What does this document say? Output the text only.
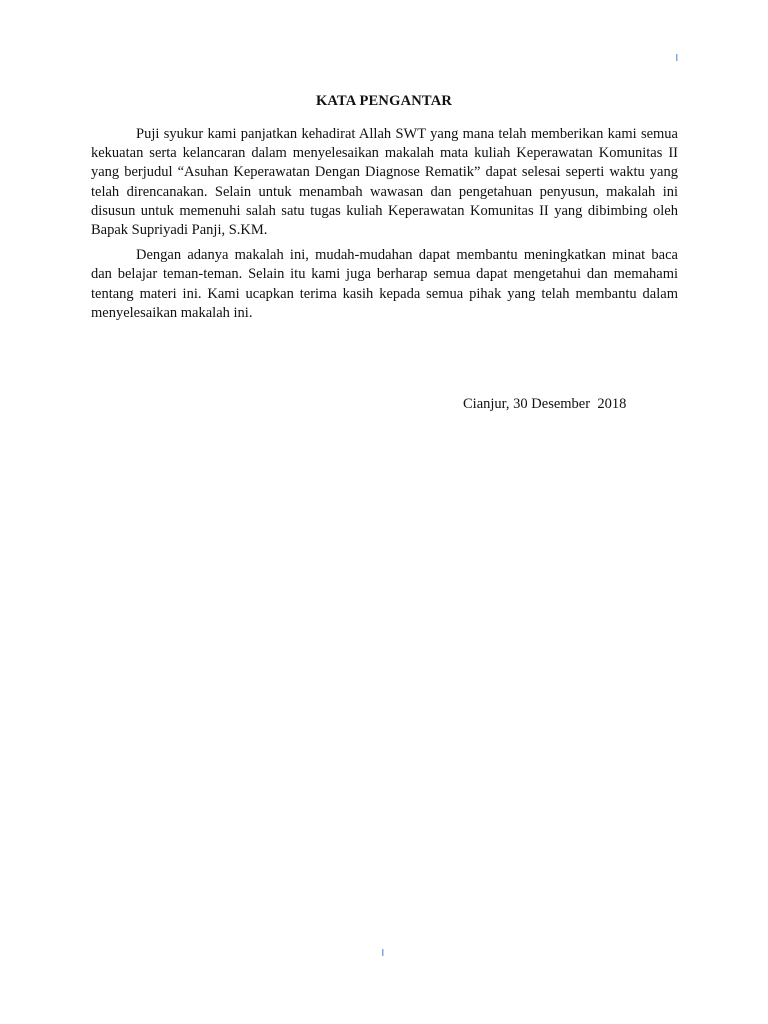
ı
KATA PENGANTAR

Puji syukur kami panjatkan kehadirat Allah SWT yang mana telah memberikan kami semua kekuatan serta kelancaran dalam menyelesaikan makalah mata kuliah Keperawatan Komunitas II yang berjudul “Asuhan Keperawatan Dengan Diagnose Rematik” dapat selesai seperti waktu yang telah direncanakan. Selain untuk menambah wawasan dan pengetahuan penyusun, makalah ini disusun untuk memenuhi salah satu tugas kuliah Keperawatan Komunitas II yang dibimbing oleh Bapak Supriyadi Panji, S.KM.

Dengan adanya makalah ini, mudah-mudahan dapat membantu meningkatkan minat baca dan belajar teman-teman. Selain itu kami juga berharap semua dapat mengetahui dan memahami tentang materi ini. Kami ucapkan terima kasih kepada semua pihak yang telah membantu dalam menyelesaikan makalah ini.

Cianjur, 30 Desember  2018
ı
